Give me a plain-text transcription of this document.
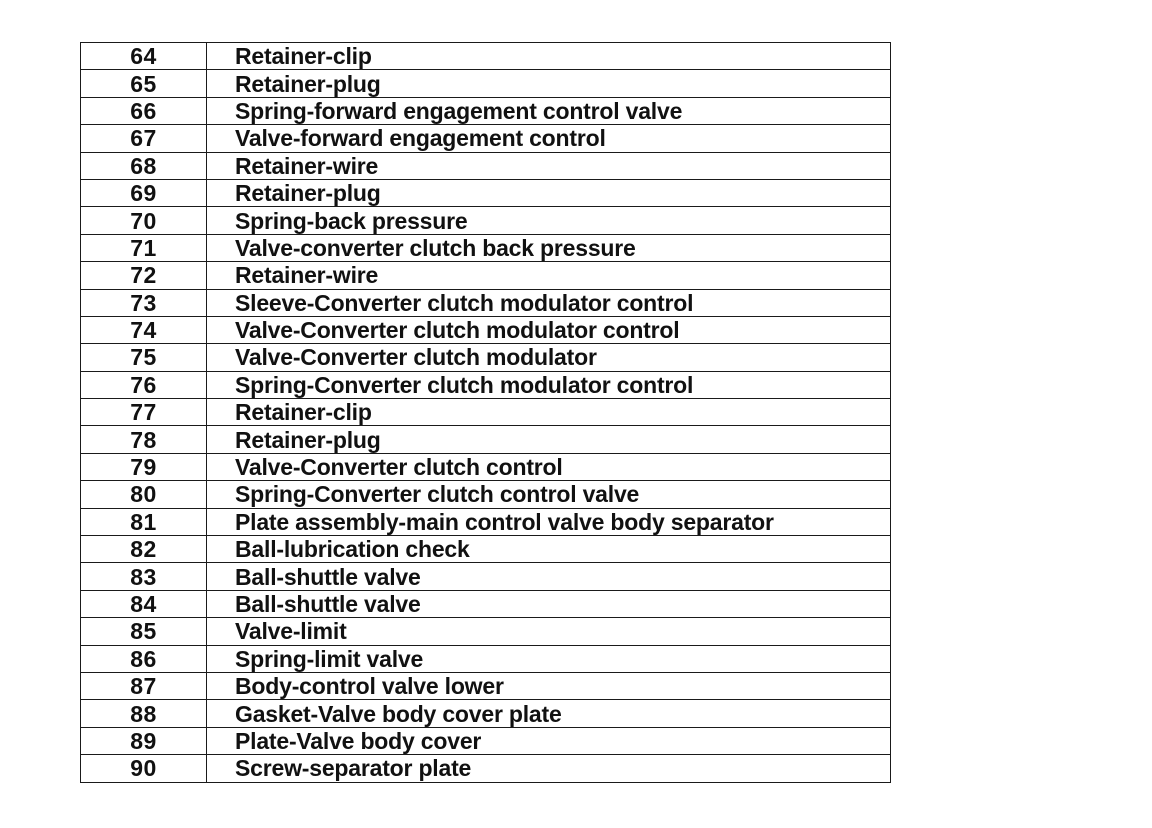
64	Retainer-clip
65	Retainer-plug
66	Spring-forward engagement control valve
67	Valve-forward engagement control
68	Retainer-wire
69	Retainer-plug
70	Spring-back pressure
71	Valve-converter clutch back pressure
72	Retainer-wire
73	Sleeve-Converter clutch modulator control
74	Valve-Converter clutch modulator control
75	Valve-Converter clutch modulator
76	Spring-Converter clutch modulator control
77	Retainer-clip
78	Retainer-plug
79	Valve-Converter clutch control
80	Spring-Converter clutch control valve
81	Plate assembly-main control valve body separator
82	Ball-lubrication check
83	Ball-shuttle valve
84	Ball-shuttle valve
85	Valve-limit
86	Spring-limit valve
87	Body-control valve lower
88	Gasket-Valve body cover plate
89	Plate-Valve body cover
90	Screw-separator plate
